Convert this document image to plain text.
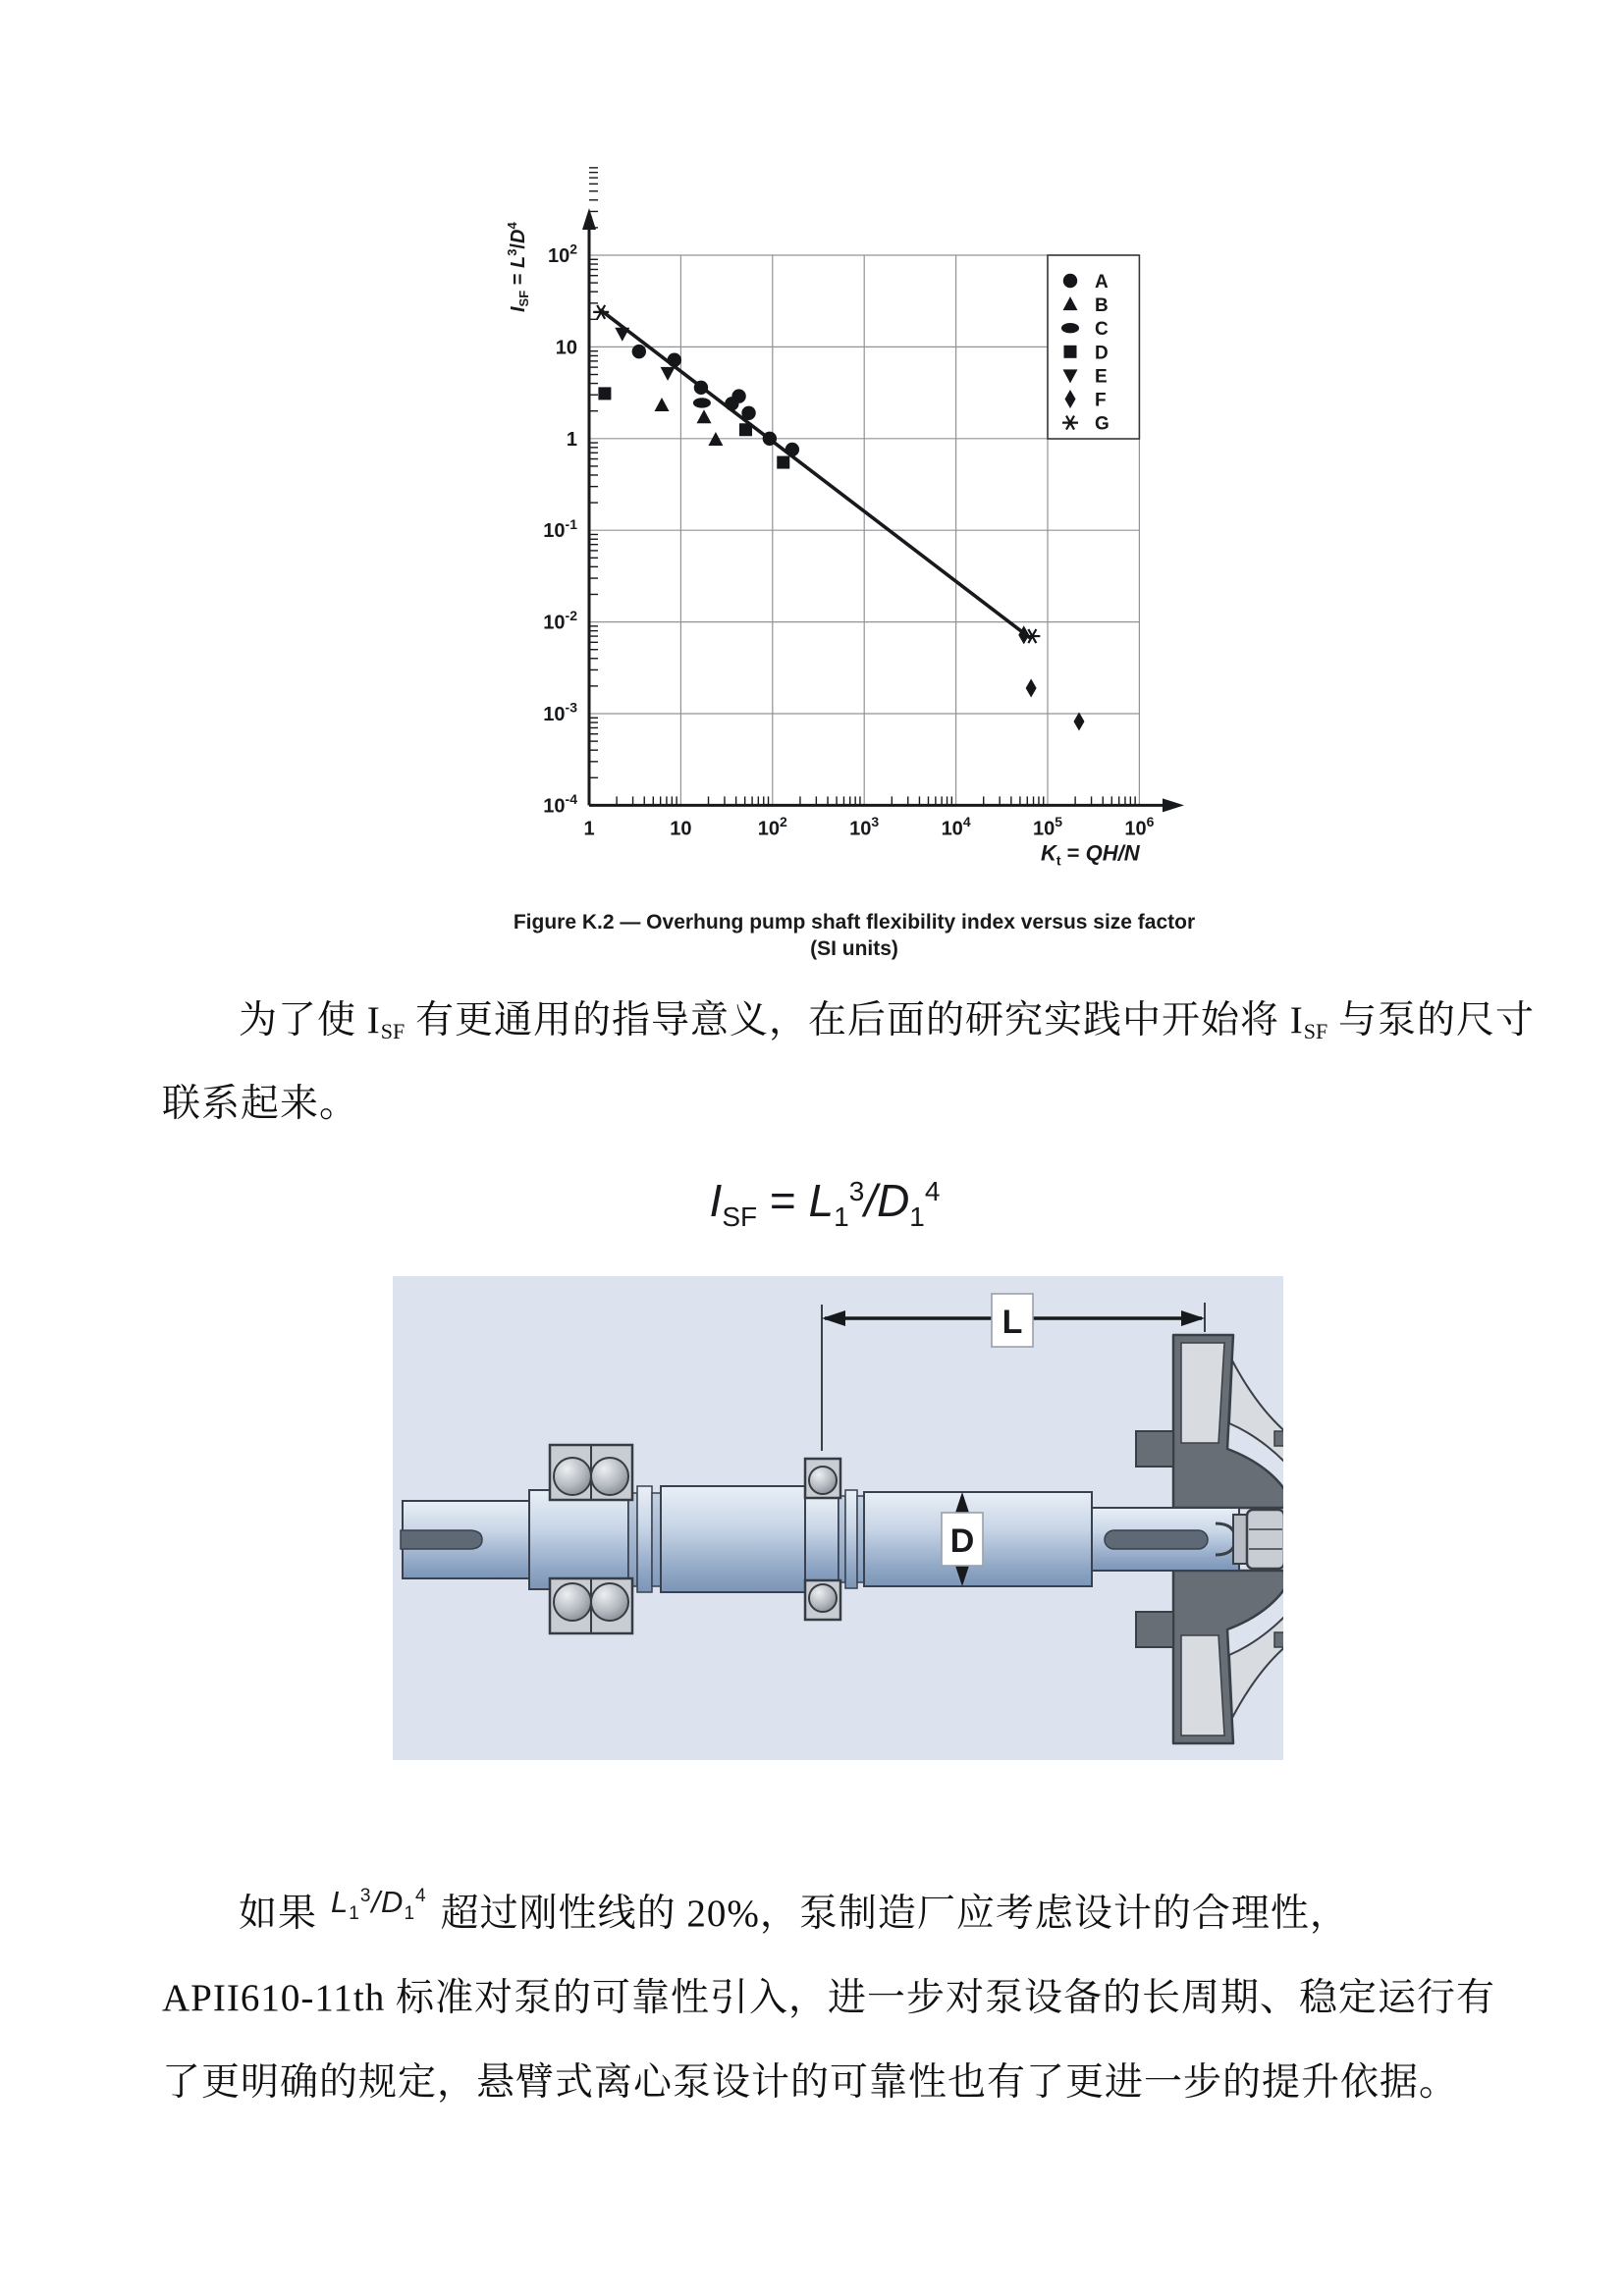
$10^2$
10
1
$10^{-1}$
$10^{-2}$
$10^{-3}$
$10^{-4}$
1	10	$10^2$	$10^3$	$10^4$	$10^5$	$10^6$
$I_{SF} = L^3/D^4$
$K_t = QH/N$
A
B
C
D
E
F
G
Figure K.2 — Overhung pump shaft flexibility index versus size factor
(SI units)
为了使 ISF 有更通用的指导意义，在后面的研究实践中开始将 ISF 与泵的尺寸
联系起来。
$I_{SF} = L_1^3/D_1^4$
L
D
如果 $^{L_1^3/D_1^4}$ 超过刚性线的 20%，泵制造厂应考虑设计的合理性，
APII610-11th 标准对泵的可靠性引入，进一步对泵设备的长周期、稳定运行有
了更明确的规定，悬臂式离心泵设计的可靠性也有了更进一步的提升依据。
